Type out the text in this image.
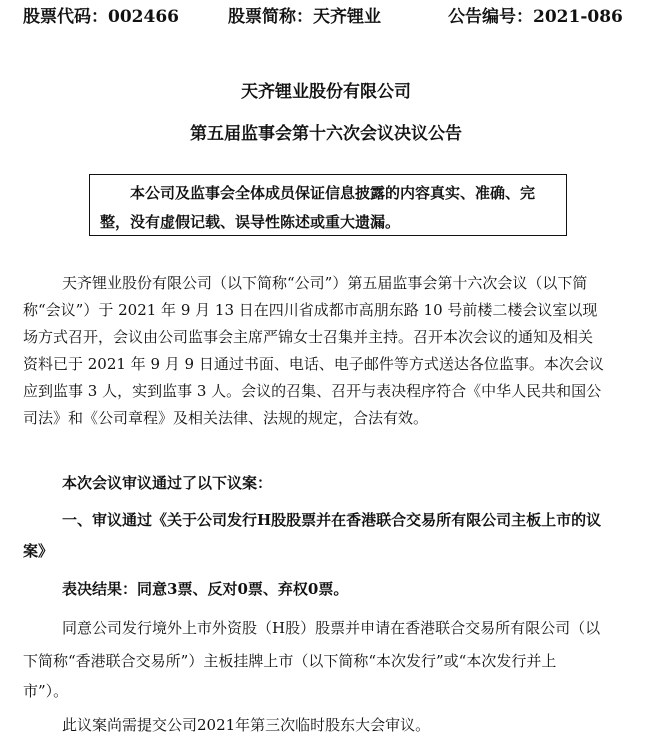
股票代码：002466	股票简称：天齐锂业	公告编号：2021-086
天齐锂业股份有限公司
第五届监事会第十六次会议决议公告
本公司及监事会全体成员保证信息披露的内容真实、准确、完
整，没有虚假记载、误导性陈述或重大遗漏。
天齐锂业股份有限公司（以下简称“公司”）第五届监事会第十六次会议（以下简
称“会议”）于 2021 年 9 月 13 日在四川省成都市高朋东路 10 号前楼二楼会议室以现
场方式召开，会议由公司监事会主席严锦女士召集并主持。召开本次会议的通知及相关
资料已于 2021 年 9 月 9 日通过书面、电话、电子邮件等方式送达各位监事。本次会议
应到监事 3 人，实到监事 3 人。会议的召集、召开与表决程序符合《中华人民共和国公
司法》和《公司章程》及相关法律、法规的规定，合法有效。
本次会议审议通过了以下议案：
一、审议通过《关于公司发行H股股票并在香港联合交易所有限公司主板上市的议
案》
表决结果：同意3票、反对0票、弃权0票。
同意公司发行境外上市外资股（H股）股票并申请在香港联合交易所有限公司（以
下简称“香港联合交易所”）主板挂牌上市（以下简称“本次发行”或“本次发行并上
市”）。
此议案尚需提交公司2021年第三次临时股东大会审议。
